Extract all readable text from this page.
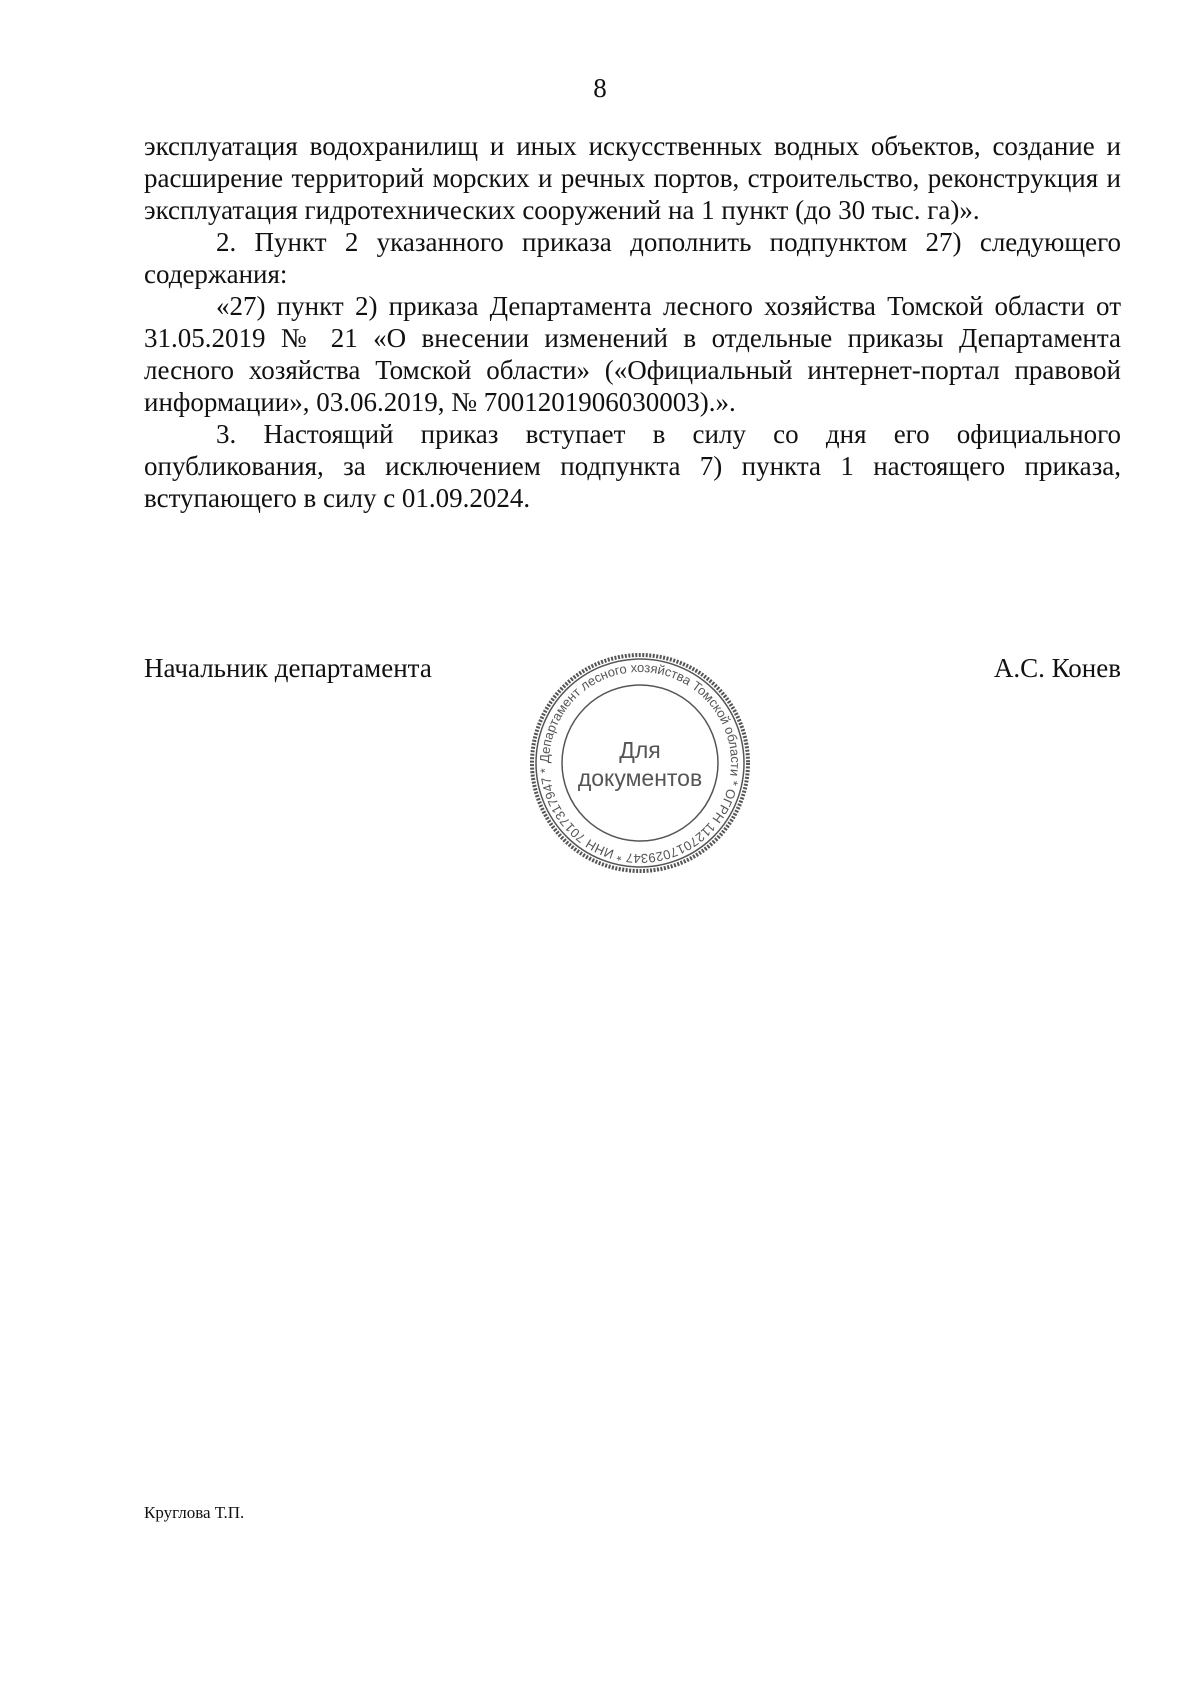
8

эксплуатация водохранилищ и иных искусственных водных объектов, создание и расширение территорий морских и речных портов, строительство, реконструкция и эксплуатация гидротехнических сооружений на 1 пункт (до 30 тыс. га)».

2. Пункт 2 указанного приказа дополнить подпунктом 27) следующего содержания:

«27) пункт 2) приказа Департамента лесного хозяйства Томской области от 31.05.2019 № 21 «О внесении изменений в отдельные приказы Департамента лесного хозяйства Томской области» («Официальный интернет-портал правовой информации», 03.06.2019, № 7001201906030003).».

3. Настоящий приказ вступает в силу со дня его официального опубликования, за исключением подпункта 7) пункта 1 настоящего приказа, вступающего в силу с 01.09.2024.

Начальник департамента	А.С. Конев
Департамент лесного хозяйства Томской области * ОГРН 1127017029347 * ИНН 7017317947 *
Для
документов
Круглова Т.П.
